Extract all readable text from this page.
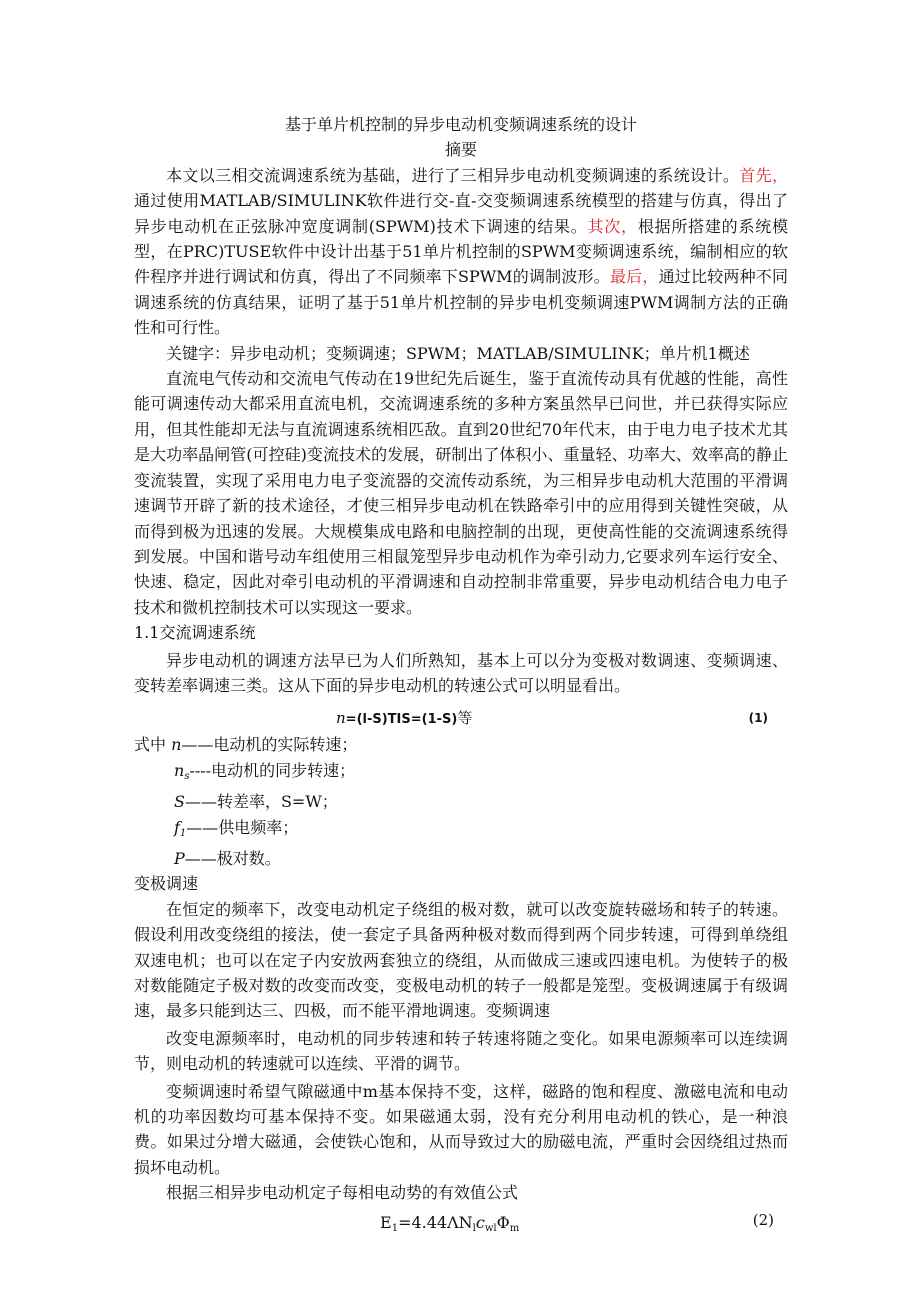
基于单片机控制的异步电动机变频调速系统的设计

摘要

本文以三相交流调速系统为基础，进行了三相异步电动机变频调速的系统设计。首先，通过使用MATLAB/SIMULINK软件进行交-直-交变频调速系统模型的搭建与仿真，得出了异步电动机在正弦脉冲宽度调制(SPWM)技术下调速的结果。其次，根据所搭建的系统模型，在PRC)TUSE软件中设计出基于51单片机控制的SPWM变频调速系统，编制相应的软件程序并进行调试和仿真，得出了不同频率下SPWM的调制波形。最后，通过比较两种不同调速系统的仿真结果，证明了基于51单片机控制的异步电机变频调速PWM调制方法的正确性和可行性。

关键字：异步电动机；变频调速；SPWM；MATLAB/SIMULINK；单片机1概述

直流电气传动和交流电气传动在19世纪先后诞生，鉴于直流传动具有优越的性能，高性能可调速传动大都采用直流电机，交流调速系统的多种方案虽然早已问世，并已获得实际应用，但其性能却无法与直流调速系统相匹敌。直到20世纪70年代末，由于电力电子技术尤其是大功率晶闸管(可控硅)变流技术的发展，研制出了体积小、重量轻、功率大、效率高的静止变流装置，实现了采用电力电子变流器的交流传动系统，为三相异步电动机大范围的平滑调速调节开辟了新的技术途径，才使三相异步电动机在铁路牵引中的应用得到关键性突破，从而得到极为迅速的发展。大规模集成电路和电脑控制的出现，更使高性能的交流调速系统得到发展。中国和谐号动车组使用三相鼠笼型异步电动机作为牵引动力,它要求列车运行安全、快速、稳定，因此对牵引电动机的平滑调速和自动控制非常重要，异步电动机结合电力电子技术和微机控制技术可以实现这一要求。

1.1交流调速系统

异步电动机的调速方法早已为人们所熟知，基本上可以分为变极对数调速、变频调速、变转差率调速三类。这从下面的异步电动机的转速公式可以明显看出。

n=(l-S)TIS=(1-S)等	(1)

式中 n——电动机的实际转速；

$n_s----$电动机的同步转速；

S——转差率，S=W；

$f_1——$供电频率；

P——极对数。

变极调速

在恒定的频率下，改变电动机定子绕组的极对数，就可以改变旋转磁场和转子的转速。假设利用改变绕组的接法，使一套定子具备两种极对数而得到两个同步转速，可得到单绕组双速电机；也可以在定子内安放两套独立的绕组，从而做成三速或四速电机。为使转子的极对数能随定子极对数的改变而改变，变极电动机的转子一般都是笼型。变极调速属于有级调速，最多只能到达三、四极，而不能平滑地调速。变频调速

改变电源频率时，电动机的同步转速和转子转速将随之变化。如果电源频率可以连续调节，则电动机的转速就可以连续、平滑的调节。

变频调速时希望气隙磁通中m基本保持不变，这样，磁路的饱和程度、激磁电流和电动机的功率因数均可基本保持不变。如果磁通太弱，没有充分利用电动机的铁心，是一种浪费。如果过分增大磁通，会使铁心饱和，从而导致过大的励磁电流，严重时会因绕组过热而损坏电动机。

根据三相异步电动机定子每相电动势的有效值公式

E1=4.44ΛNlcwlΦm	(2)
